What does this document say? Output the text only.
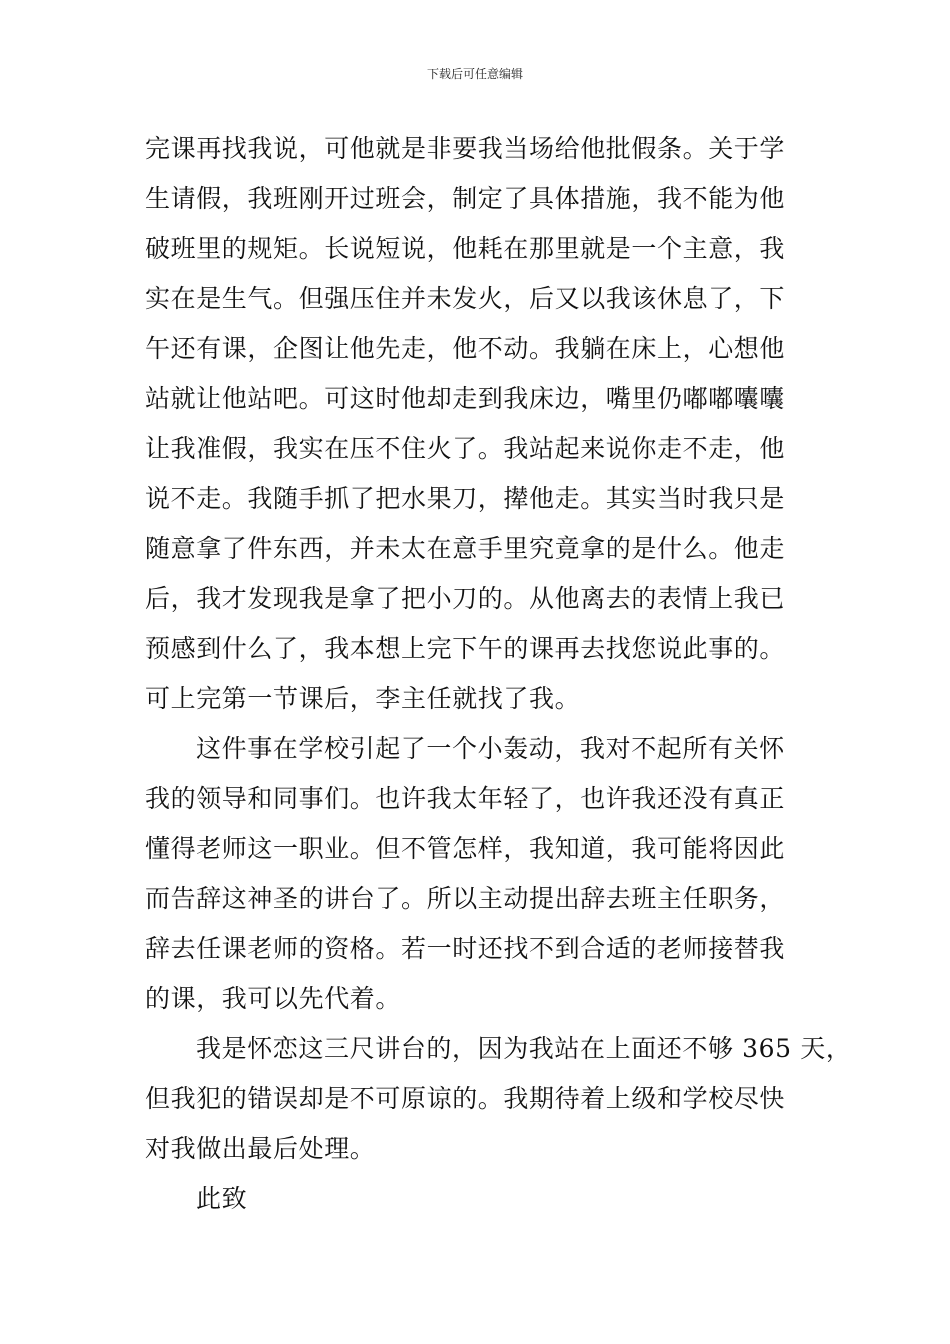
下载后可任意编辑
完课再找我说，可他就是非要我当场给他批假条。关于学
生请假，我班刚开过班会，制定了具体措施，我不能为他
破班里的规矩。长说短说，他耗在那里就是一个主意，我
实在是生气。但强压住并未发火，后又以我该休息了，下
午还有课，企图让他先走，他不动。我躺在床上，心想他
站就让他站吧。可这时他却走到我床边，嘴里仍嘟嘟囔囔
让我准假，我实在压不住火了。我站起来说你走不走，他
说不走。我随手抓了把水果刀，撵他走。其实当时我只是
随意拿了件东西，并未太在意手里究竟拿的是什么。他走
后，我才发现我是拿了把小刀的。从他离去的表情上我已
预感到什么了，我本想上完下午的课再去找您说此事的。
可上完第一节课后，李主任就找了我。
这件事在学校引起了一个小轰动，我对不起所有关怀
我的领导和同事们。也许我太年轻了，也许我还没有真正
懂得老师这一职业。但不管怎样，我知道，我可能将因此
而告辞这神圣的讲台了。所以主动提出辞去班主任职务，
辞去任课老师的资格。若一时还找不到合适的老师接替我
的课，我可以先代着。
我是怀恋这三尺讲台的，因为我站在上面还不够 365 天，
但我犯的错误却是不可原谅的。我期待着上级和学校尽快
对我做出最后处理。
此致
